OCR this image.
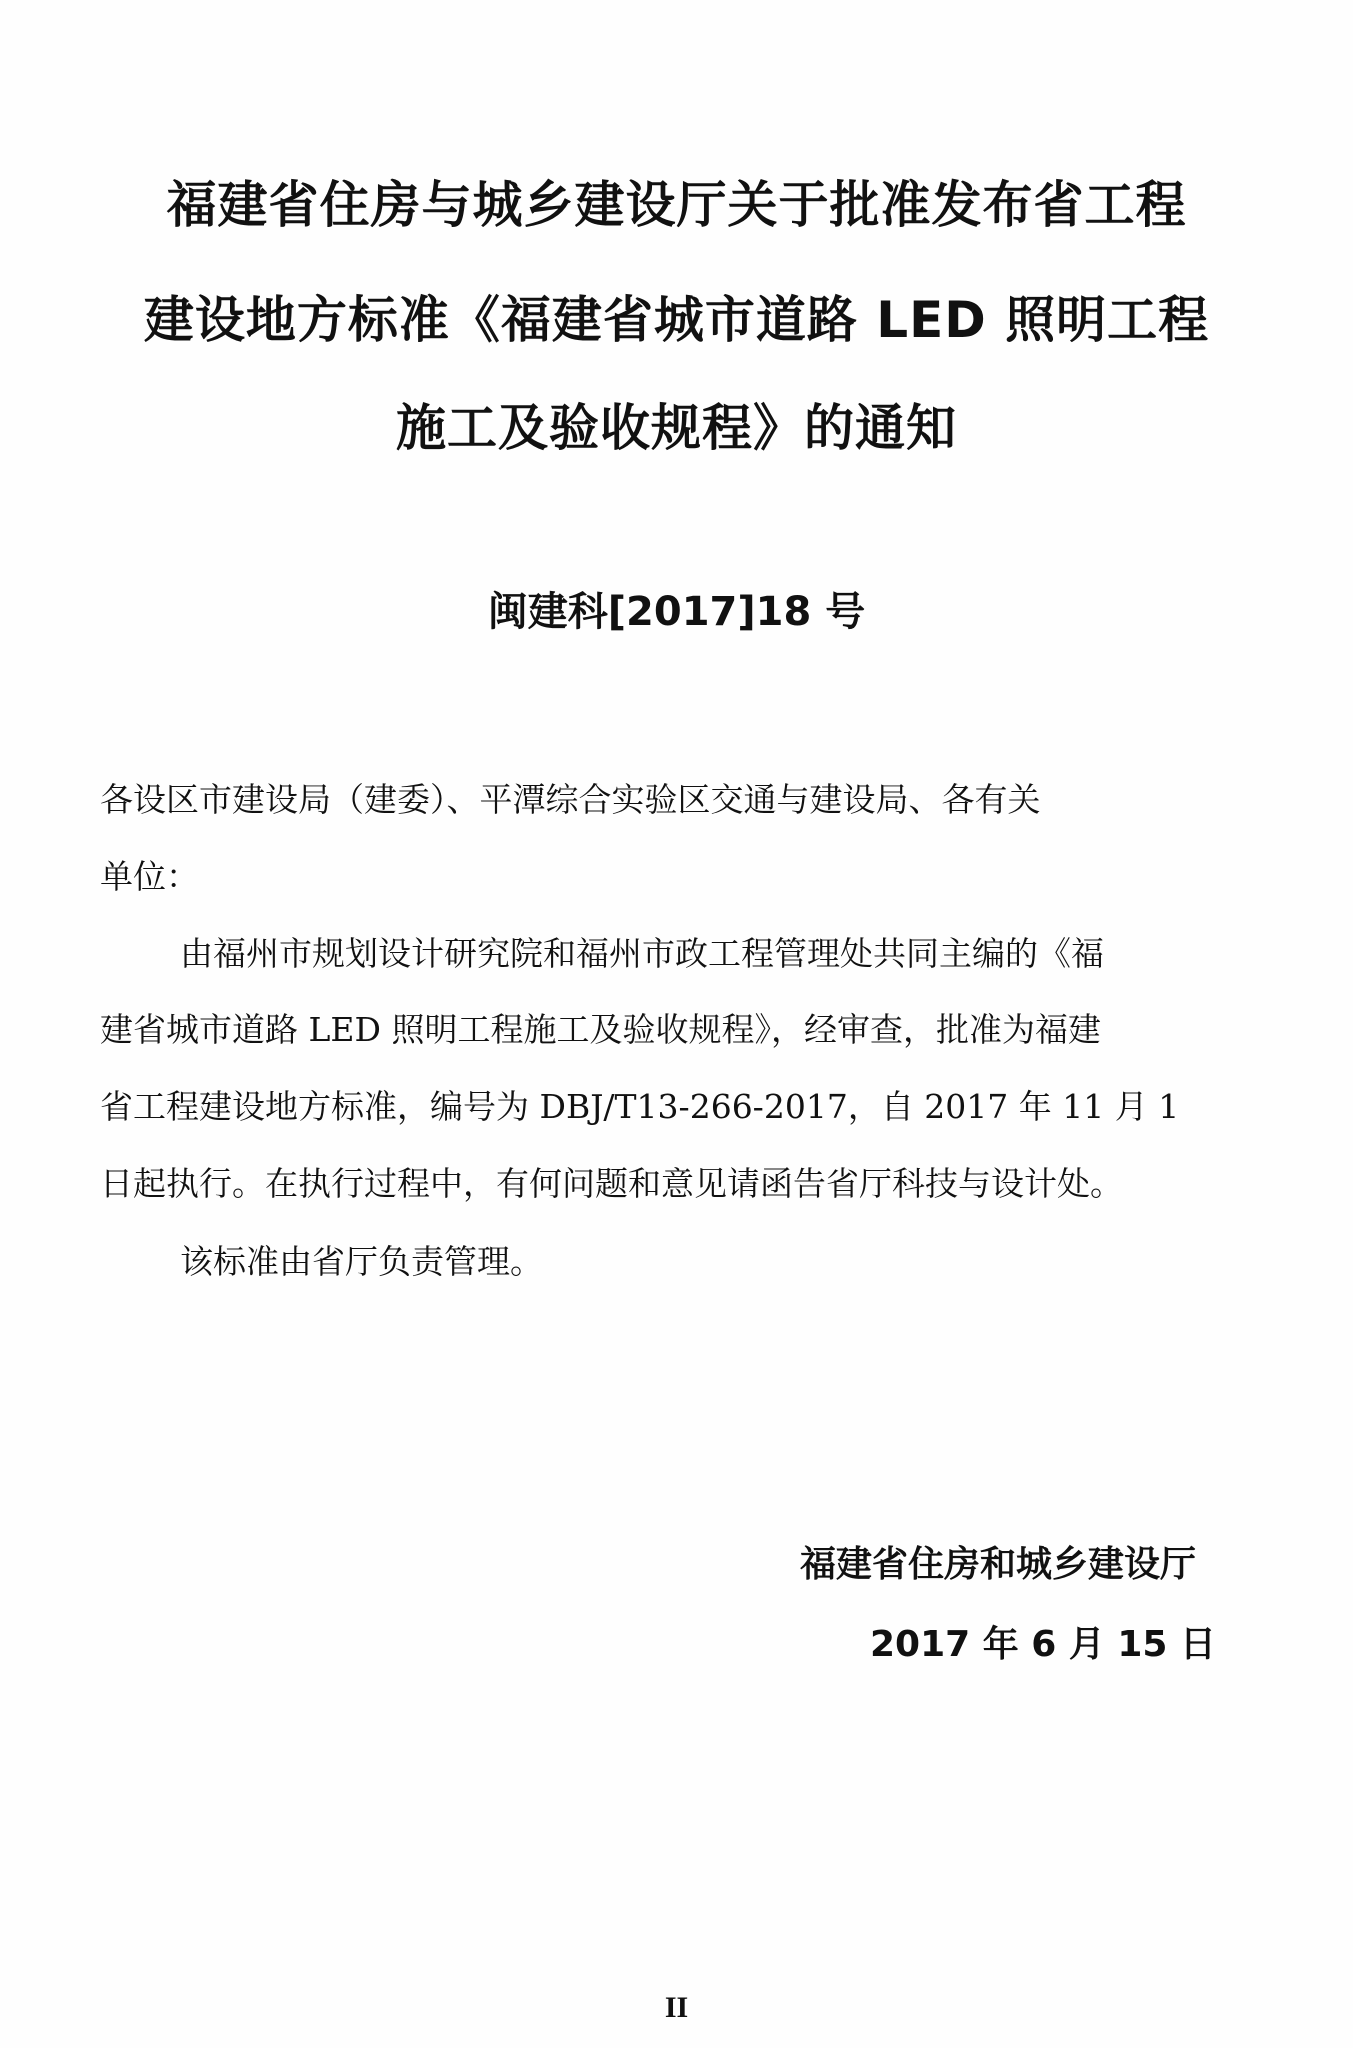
福建省住房与城乡建设厅关于批准发布省工程
建设地方标准《福建省城市道路 LED 照明工程
施工及验收规程》的通知
闽建科[2017]18 号
各设区市建设局（建委）、平潭综合实验区交通与建设局、各有关
单位：
由福州市规划设计研究院和福州市政工程管理处共同主编的《福
建省城市道路 LED 照明工程施工及验收规程》，经审查，批准为福建
省工程建设地方标准，编号为 DBJ/T13-266-2017，自 2017 年 11 月 1
日起执行。在执行过程中，有何问题和意见请函告省厅科技与设计处。
该标准由省厅负责管理。
福建省住房和城乡建设厅
2017 年 6 月 15 日
II
